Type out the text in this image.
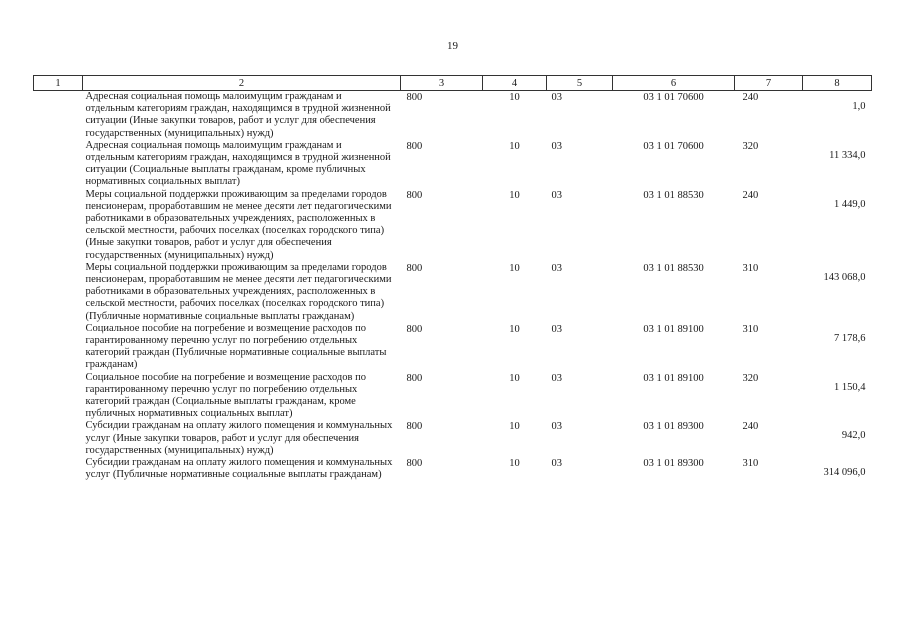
19
1	2	3	4	5	6	7	8
	Адресная социальная помощь малоимущим гражданам и отдельным категориям граждан, находящимся в трудной жизненной ситуации (Иные закупки товаров, работ и услуг для обеспечения государственных (муниципальных) нужд)	800	10	03	03 1 01 70600	240	1,0
	Адресная социальная помощь малоимущим гражданам и отдельным категориям граждан, находящимся в трудной жизненной ситуации (Социальные выплаты гражданам, кроме публичных нормативных социальных выплат)	800	10	03	03 1 01 70600	320	11 334,0
	Меры социальной поддержки проживающим за пределами городов пенсионерам, проработавшим не менее десяти лет педагогическими работниками в образовательных учреждениях, расположенных в сельской местности, рабочих поселках (поселках городского типа) (Иные закупки товаров, работ и услуг для обеспечения государственных (муниципальных) нужд)	800	10	03	03 1 01 88530	240	1 449,0
	Меры социальной поддержки проживающим за пределами городов пенсионерам, проработавшим не менее десяти лет педагогическими работниками в образовательных учреждениях, расположенных в сельской местности, рабочих поселках (поселках городского типа) (Публичные нормативные социальные выплаты гражданам)	800	10	03	03 1 01 88530	310	143 068,0
	Социальное пособие на погребение и возмещение расходов по гарантированному перечню услуг по погребению отдельных категорий граждан (Публичные нормативные социальные выплаты гражданам)	800	10	03	03 1 01 89100	310	7 178,6
	Социальное пособие на погребение и возмещение расходов по гарантированному перечню услуг по погребению отдельных категорий граждан (Социальные выплаты гражданам, кроме публичных нормативных социальных выплат)	800	10	03	03 1 01 89100	320	1 150,4
	Субсидии гражданам на оплату жилого помещения и коммунальных услуг (Иные закупки товаров, работ и услуг для обеспечения государственных (муниципальных) нужд)	800	10	03	03 1 01 89300	240	942,0
	Субсидии гражданам на оплату жилого помещения и коммунальных услуг (Публичные нормативные социальные выплаты гражданам)	800	10	03	03 1 01 89300	310	314 096,0
